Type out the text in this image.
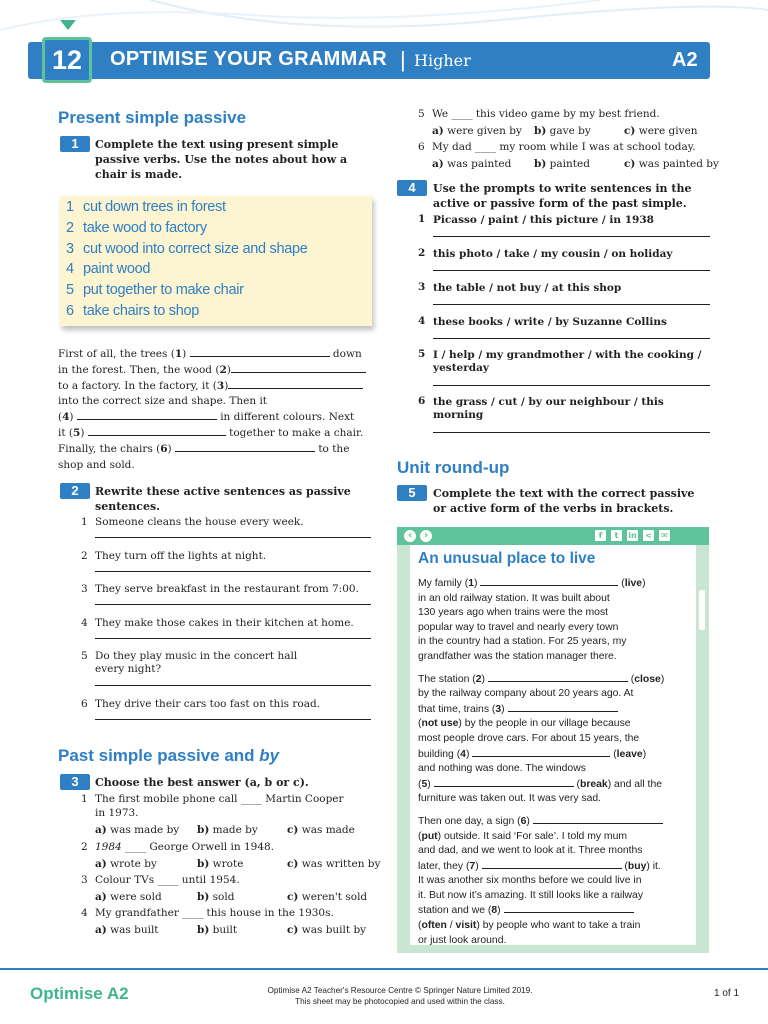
12	OPTIMISE YOUR GRAMMAR | Higher	A2
Present simple passive
1	Complete the text using present simple passive verbs. Use the notes about how a chair is made.
1 cut down trees in forest
2 take wood to factory
3 cut wood into correct size and shape
4 paint wood
5 put together to make chair
6 take chairs to shop
First of all, the trees (1)	down
in the forest. Then, the wood (2)
to a factory. In the factory, it (3)
into the correct size and shape. Then it
(4)	in different colours. Next
it (5)	together to make a chair.
Finally, the chairs (6)	to the
shop and sold.
2	Rewrite these active sentences as passive sentences.
1 Someone cleans the house every week.
2 They turn off the lights at night.
3 They serve breakfast in the restaurant from 7:00.
4 They make those cakes in their kitchen at home.
5 Do they play music in the concert hall
every night?
6 They drive their cars too fast on this road.
Past simple passive and by
3	Choose the best answer (a, b or c).
1 The first mobile phone call ____ Martin Cooper
in 1973.
a) was made by b) made by	c) was made
2 1984 ____ George Orwell in 1948.
a) wrote by	b) wrote	c) was written by
3 Colour TVs ____ until 1954.
a) were sold	b) sold	c) weren't sold
4 My grandfather ____ this house in the 1930s.
a) was built	b) built	c) was built by
5 We ____ this video game by my best friend.
a) were given by b) gave by	c) were given
6 My dad ____ my room while I was at school today.
a) was painted b) painted	c) was painted by
4	Use the prompts to write sentences in the active or passive form of the past simple.
1 Picasso / paint / this picture / in 1938
2 this photo / take / my cousin / on holiday
3 the table / not buy / at this shop
4 these books / write / by Suzanne Collins
5 I / help / my grandmother / with the cooking /
yesterday
6 the grass / cut / by our neighbour / this
morning
Unit round-up
5	Complete the text with the correct passive or active form of the verbs in brackets.
‹	›	f	t	in < ✉
An unusual place to live
My family (1)	(live)
in an old railway station. It was built about
130 years ago when trains were the most
popular way to travel and nearly every town
in the country had a station. For 25 years, my
grandfather was the station manager there.
The station (2)	(close)
by the railway company about 20 years ago. At
that time, trains (3)
(not use) by the people in our village because
most people drove cars. For about 15 years, the
building (4)	(leave)
and nothing was done. The windows
(5)	(break) and all the
furniture was taken out. It was very sad.
Then one day, a sign (6)
(put) outside. It said ‘For sale’. I told my mum
and dad, and we went to look at it. Three months
later, they (7)	(buy) it.
It was another six months before we could live in
it. But now it’s amazing. It still looks like a railway
station and we (8)
(often / visit) by people who want to take a train
or just look around.
Optimise A2	Optimise A2 Teacher's Resource Centre © Springer Nature Limited 2019.
This sheet may be photocopied and used within the class.
1 of 1
